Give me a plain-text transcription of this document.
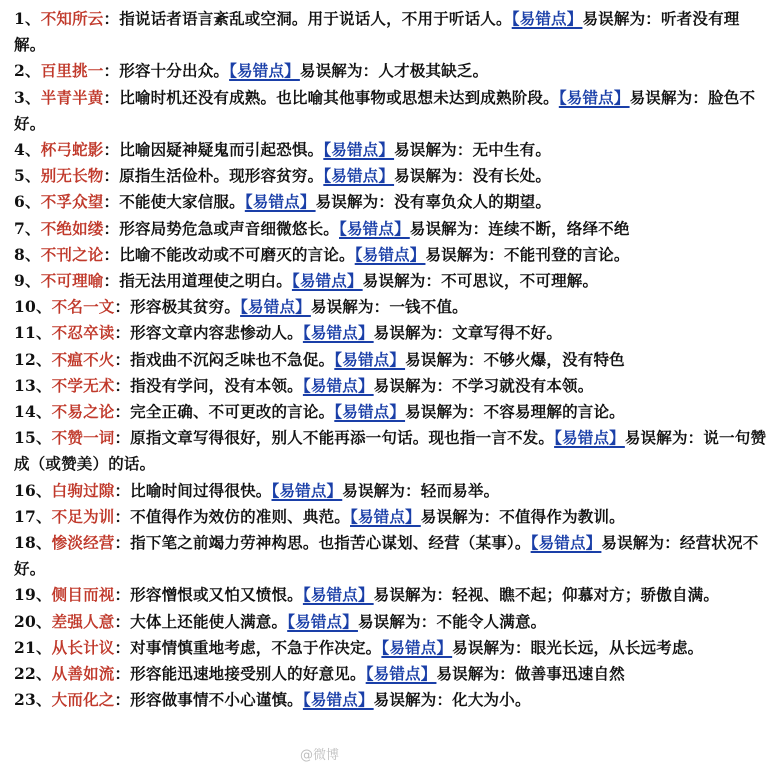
1、不知所云：指说话者语言紊乱或空洞。用于说话人，不用于听话人。【易错点】易误解为：听者没有理解。

2、百里挑一：形容十分出众。【易错点】易误解为：人才极其缺乏。

3、半青半黄：比喻时机还没有成熟。也比喻其他事物或思想未达到成熟阶段。【易错点】易误解为：脸色不好。

4、杯弓蛇影：比喻因疑神疑鬼而引起恐惧。【易错点】易误解为：无中生有。

5、别无长物：原指生活俭朴。现形容贫穷。【易错点】易误解为：没有长处。

6、不孚众望：不能使大家信服。【易错点】易误解为：没有辜负众人的期望。

7、不绝如缕：形容局势危急或声音细微悠长。【易错点】易误解为：连续不断，络绎不绝

8、不刊之论：比喻不能改动或不可磨灭的言论。【易错点】易误解为：不能刊登的言论。

9、不可理喻：指无法用道理使之明白。【易错点】易误解为：不可思议，不可理解。

10、不名一文：形容极其贫穷。【易错点】易误解为：一钱不值。

11、不忍卒读：形容文章内容悲惨动人。【易错点】易误解为：文章写得不好。

12、不瘟不火：指戏曲不沉闷乏味也不急促。【易错点】易误解为：不够火爆，没有特色

13、不学无术：指没有学问，没有本领。【易错点】易误解为：不学习就没有本领。

14、不易之论：完全正确、不可更改的言论。【易错点】易误解为：不容易理解的言论。

15、不赞一词：原指文章写得很好，别人不能再添一句话。现也指一言不发。【易错点】易误解为：说一句赞成（或赞美）的话。

16、白驹过隙：比喻时间过得很快。【易错点】易误解为：轻而易举。

17、不足为训：不值得作为效仿的准则、典范。【易错点】易误解为：不值得作为教训。

18、惨淡经营：指下笔之前竭力劳神构思。也指苦心谋划、经营（某事）。【易错点】易误解为：经营状况不好。

19、侧目而视：形容憎恨或又怕又愤恨。【易错点】易误解为：轻视、瞧不起；仰慕对方；骄傲自满。

20、差强人意：大体上还能使人满意。【易错点】易误解为：不能令人满意。

21、从长计议：对事情慎重地考虑，不急于作决定。【易错点】易误解为：眼光长远，从长远考虑。

22、从善如流：形容能迅速地接受别人的好意见。【易错点】易误解为：做善事迅速自然

23、大而化之：形容做事情不小心谨慎。【易错点】易误解为：化大为小。

@微博
